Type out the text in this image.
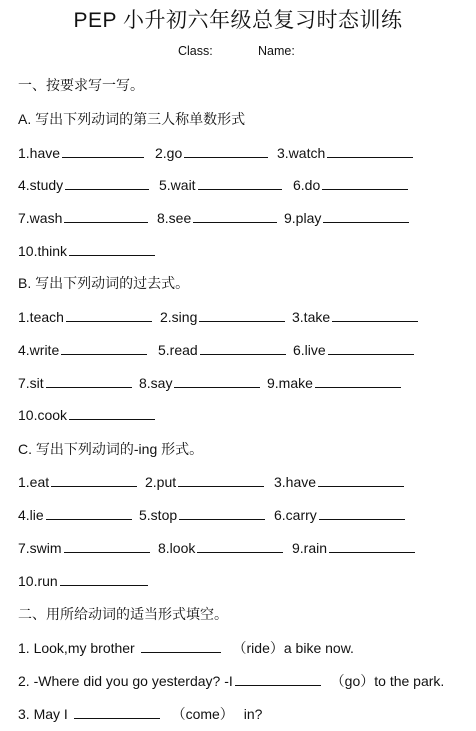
PEP 小升初六年级总复习时态训练
Class:	Name:
一、按要求写一写。
A. 写出下列动词的第三人称单数形式
1.have	2.go	3.watch
4.study	5.wait	6.do
7.wash	8.see	9.play
10.think
B. 写出下列动词的过去式。
1.teach	2.sing	3.take
4.write	5.read	6.live
7.sit	8.say	9.make
10.cook
C. 写出下列动词的-ing 形式。
1.eat	2.put	3.have
4.lie	5.stop	6.carry
7.swim	8.look	9.rain
10.run
二、用所给动词的适当形式填空。
1. Look,my brother	（ride）a bike now.
2. -Where did you go yesterday? -I	（go）to the park.
3. May I	（come） in?
